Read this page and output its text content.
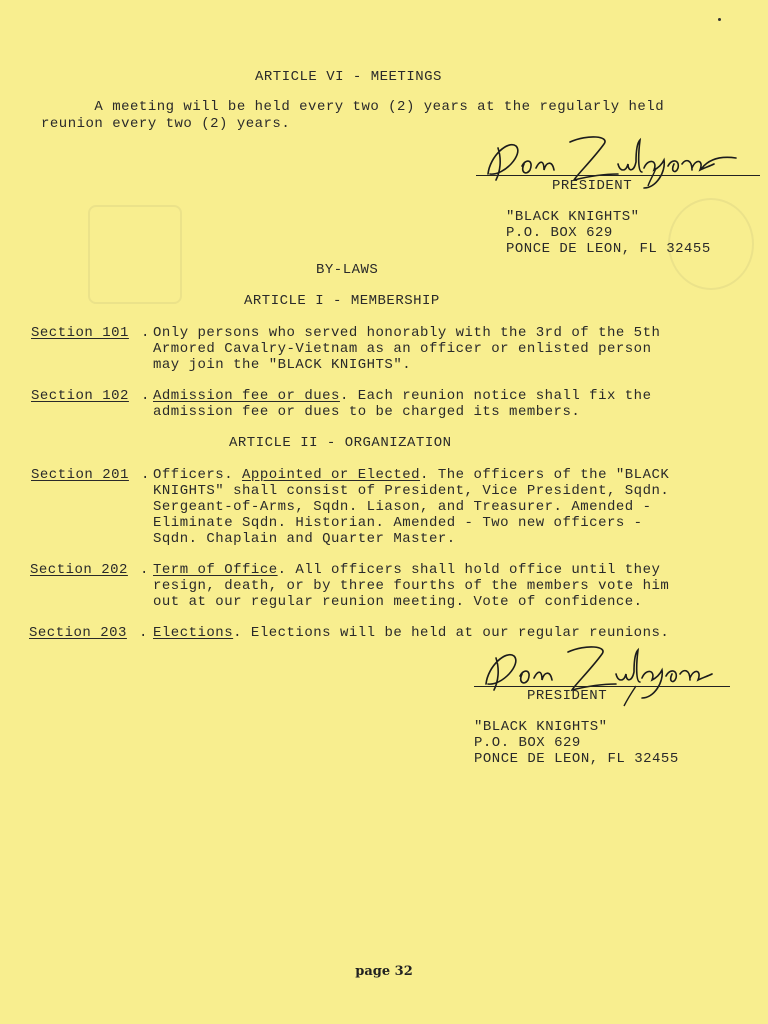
ARTICLE VI - MEETINGS
A meeting will be held every two (2) years at the regularly held
reunion every two (2) years.
PRESIDENT
"BLACK KNIGHTS"
P.O. BOX 629
PONCE DE LEON, FL 32455
BY-LAWS
ARTICLE I - MEMBERSHIP
Section 101 . Only persons who served honorably with the 3rd of the 5th
Armored Cavalry-Vietnam as an officer or enlisted person
may join the "BLACK KNIGHTS".
Section 102 . Admission fee or dues. Each reunion notice shall fix the
admission fee or dues to be charged its members.
ARTICLE II - ORGANIZATION
Section 201 . Officers. Appointed or Elected. The officers of the "BLACK
KNIGHTS" shall consist of President, Vice President, Sqdn.
Sergeant-of-Arms, Sqdn. Liason, and Treasurer. Amended -
Eliminate Sqdn. Historian. Amended - Two new officers -
Sqdn. Chaplain and Quarter Master.
Section 202 . Term of Office. All officers shall hold office until they
resign, death, or by three fourths of the members vote him
out at our regular reunion meeting. Vote of confidence.
Section 203 . Elections. Elections will be held at our regular reunions.
PRESIDENT
"BLACK KNIGHTS"
P.O. BOX 629
PONCE DE LEON, FL 32455
page 32
